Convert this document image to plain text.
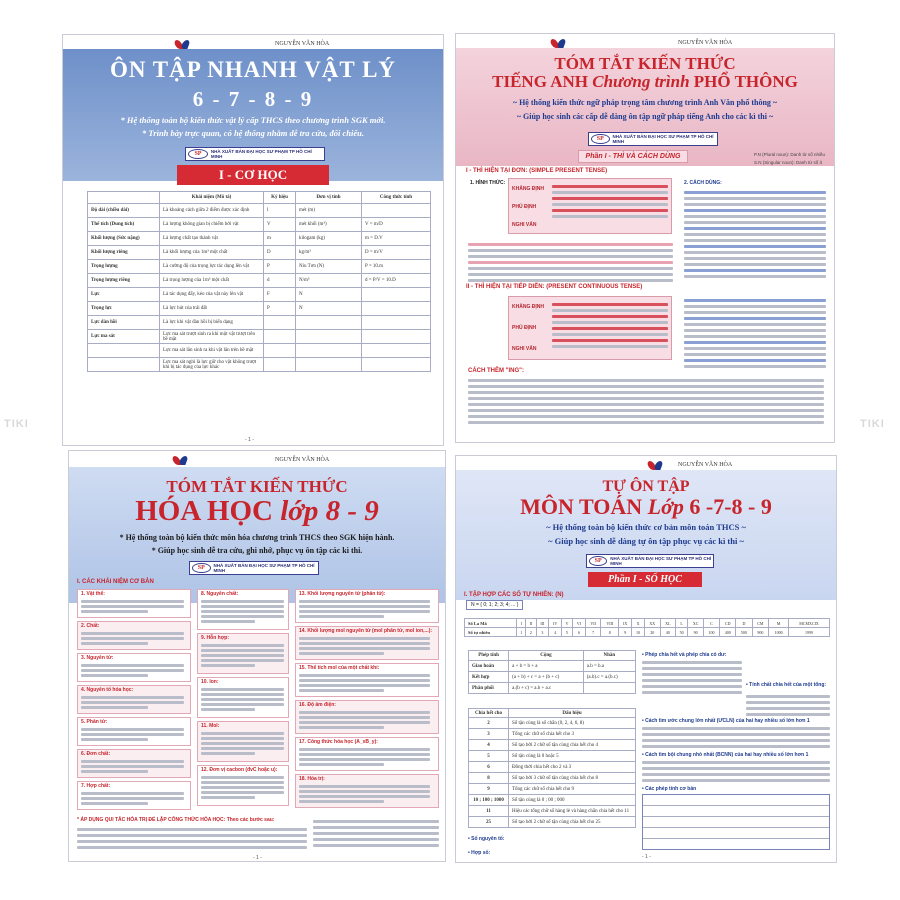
TIKI	TIKI
NGUYỄN VĂN HÒA
ÔN TẬP NHANH VẬT LÝ
6 - 7 - 8 - 9
* Hệ thống toàn bộ kiến thức vật lý cấp THCS theo chương trình SGK mới.
* Trình bày trực quan, có hệ thống nhằm dễ tra cứu, đối chiếu.
SP	NHÀ XUẤT BẢN ĐẠI HỌC SƯ PHẠM TP HỒ CHÍ MINH
I - CƠ HỌC
	Khái niệm (Mô tả)	Ký hiệu	Đơn vị tính	Công thức tính
Độ dài (chiều dài)	Là khoảng cách giữa 2 điểm được xác định	l	mét (m)	
Thể tích (Dung tích)	Là lượng không gian bị chiếm bởi vật	V	mét khối (m³)	V = m/D
Khối lượng (Sức nặng)	Là lượng chất tạo thành vật	m	kilogam (kg)	m = D.V
Khối lượng riêng	Là khối lượng của 1m³ một chất	D	kg/m³	D = m/V
Trọng lượng	Là cường độ của trọng lực tác dụng lên vật	P	Niu Tơn (N)	P = 10.m
Trọng lượng riêng	Là trọng lượng của 1m³ một chất	d	N/m³	d = P/V = 10.D
Lực	Là tác dụng đẩy, kéo của vật này lên vật	F	N	
Trọng lực	Là lực hút của trái đất	P	N	
Lực đàn hồi	Là lực khi vật đàn hồi bị biến dạng			
Lực ma sát	Lực ma sát trượt sinh ra khi một vật trượt trên bề mặt			
	Lực ma sát lăn sinh ra khi vật lăn trên bề mặt			
	Lực ma sát nghỉ là lực giữ cho vật không trượt khi bị tác dụng của lực khác			
- 1 -
NGUYỄN VĂN HÒA
TÓM TẮT KIẾN THỨC
TIẾNG ANH Chương trình PHỔ THÔNG
~ Hệ thống kiến thức ngữ pháp trọng tâm chương trình Anh Văn phổ thông ~
~ Giúp học sinh các cấp dễ dàng ôn tập ngữ pháp tiếng Anh cho các kì thi ~
SP	NHÀ XUẤT BẢN ĐẠI HỌC SƯ PHẠM TP HỒ CHÍ MINH
Phần I - THÌ VÀ CÁCH DÙNG	P.N (Plural noun): Danh từ số nhiều
S.N (Singular noun): Danh từ số ít
I - THÌ HIỆN TẠI ĐƠN: (SIMPLE PRESENT TENSE)
1. HÌNH THỨC:	2. CÁCH DÙNG:
KHẲNG ĐỊNH
PHỦ ĐỊNH
NGHI VẤN
II - THÌ HIỆN TẠI TIẾP DIỄN: (PRESENT CONTINUOUS TENSE)
KHẲNG ĐỊNH
PHỦ ĐỊNH
NGHI VẤN
CÁCH THÊM "ING":
NGUYỄN VĂN HÒA
TÓM TẮT KIẾN THỨC
HÓA HỌC lớp 8 - 9
* Hệ thống toàn bộ kiến thức môn hóa chương trình THCS theo SGK hiện hành.
* Giúp học sinh dễ tra cứu, ghi nhớ, phục vụ ôn tập các kì thi.
SP	NHÀ XUẤT BẢN ĐẠI HỌC SƯ PHẠM TP HỒ CHÍ MINH
I. CÁC KHÁI NIỆM CƠ BẢN
1. Vật thể:
2. Chất:
3. Nguyên tử:
4. Nguyên tố hóa học:
5. Phân tử:
6. Đơn chất:
7. Hợp chất:
8. Nguyên chất:
9. Hỗn hợp:
10. Ion:
11. Mol:
12. Đơn vị cacbon (đvC hoặc u):
13. Khối lượng nguyên tử (phân tử):
14. Khối lượng mol nguyên tử (mol phân tử, mol ion,...):
15. Thể tích mol của một chất khí:
16. Độ âm điện:
17. Công thức hóa học (A_xB_y):
18. Hóa trị:
* ÁP DỤNG QUI TẮC HÓA TRỊ ĐỂ LẬP CÔNG THỨC HÓA HỌC: Theo các bước sau:
- 1 -
NGUYỄN VĂN HÒA
TỰ ÔN TẬP
MÔN TOÁN Lớp 6 -7-8 - 9
~ Hệ thống toàn bộ kiến thức cơ bản môn toán THCS ~
~ Giúp học sinh dễ dàng tự ôn tập phục vụ các kì thi ~
SP	NHÀ XUẤT BẢN ĐẠI HỌC SƯ PHẠM TP HỒ CHÍ MINH
Phần I - SỐ HỌC
I. TẬP HỢP CÁC SỐ TỰ NHIÊN: (N)
N = { 0; 1; 2; 3; 4; ... }
Số La Mã	I	II	III	IV	V	VI	VII	VIII	IX	X	XX	XL	L	XC	C	CD	D	CM	M	MCMXCIX
Số tự nhiên	1	2	3	4	5	6	7	8	9	10	20	40	50	90	100	400	500	900	1000	1999
Phép tính	Cộng	Nhân
Giao hoán	a + b = b + a	a.b = b.a
Kết hợp	(a + b) + c = a + (b + c)	(a.b).c = a.(b.c)
Phân phối	a.(b + c) = a.b + a.c	
Chia hết cho	Dấu hiệu
2	Số tận cùng là số chẵn (0, 2, 4, 6, 8)
3	Tổng các chữ số chia hết cho 3
4	Số tạo bởi 2 chữ số tận cùng chia hết cho 4
5	Số tận cùng là 0 hoặc 5
6	Đồng thời chia hết cho 2 và 3
8	Số tạo bởi 3 chữ số tận cùng chia hết cho 8
9	Tổng các chữ số chia hết cho 9
10 ; 100 ; 1000	Số tận cùng là 0 ; 00 ; 000
11	Hiệu các tổng chữ số hàng lẻ và hàng chẵn chia hết cho 11
25	Số tạo bởi 2 chữ số tận cùng chia hết cho 25
• Số nguyên tố:
• Hợp số:
• Phép chia hết và phép chia có dư:
• Tính chất chia hết của một tổng:
• Cách tìm ước chung lớn nhất (ƯCLN) của hai hay nhiều số lớn hơn 1
• Cách tìm bội chung nhỏ nhất (BCNN) của hai hay nhiều số lớn hơn 1
• Các phép tính cơ bản
- 1 -
